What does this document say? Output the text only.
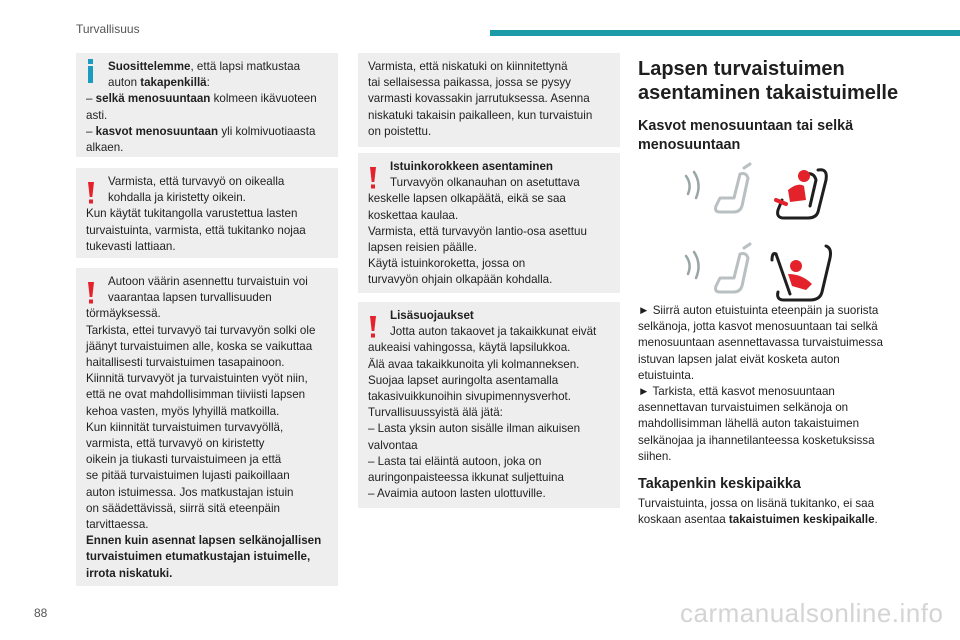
Turvallisuus

Suosittelemme, että lapsi matkustaa

auton takapenkillä:

– selkä menosuuntaan kolmeen ikävuoteen

asti.

– kasvot menosuuntaan yli kolmivuotiaasta

alkaen.

Varmista, että turvavyö on oikealla

kohdalla ja kiristetty oikein.

Kun käytät tukitangolla varustettua lasten

turvaistuinta, varmista, että tukitanko nojaa

tukevasti lattiaan.

Autoon väärin asennettu turvaistuin voi

vaarantaa lapsen turvallisuuden

törmäyksessä.

Tarkista, ettei turvavyö tai turvavyön solki ole

jäänyt turvaistuimen alle, koska se vaikuttaa

haitallisesti turvaistuimen tasapainoon.

Kiinnitä turvavyöt ja turvaistuinten vyöt niin,

että ne ovat mahdollisimman tiiviisti lapsen

kehoa vasten, myös lyhyillä matkoilla.

Kun kiinnität turvaistuimen turvavyöllä,

varmista, että turvavyö on kiristetty

oikein ja tiukasti turvaistuimeen ja että

se pitää turvaistuimen lujasti paikoillaan

auton istuimessa. Jos matkustajan istuin

on säädettävissä, siirrä sitä eteenpäin

tarvittaessa.

Ennen kuin asennat lapsen selkänojallisen

turvaistuimen etumatkustajan istuimelle,

irrota niskatuki.

Varmista, että niskatuki on kiinnitettynä

tai sellaisessa paikassa, jossa se pysyy

varmasti kovassakin jarrutuksessa. Asenna

niskatuki takaisin paikalleen, kun turvaistuin

on poistettu.

Istuinkorokkeen asentaminen

Turvavyön olkanauhan on asetuttava

keskelle lapsen olkapäätä, eikä se saa

koskettaa kaulaa.

Varmista, että turvavyön lantio-osa asettuu

lapsen reisien päälle.

Käytä istuinkoroketta, jossa on

turvavyön ohjain olkapään kohdalla.

Lisäsuojaukset

Jotta auton takaovet ja takaikkunat eivät

aukeaisi vahingossa, käytä lapsilukkoa.

Älä avaa takaikkunoita yli kolmanneksen.

Suojaa lapset auringolta asentamalla

takasivuikkunoihin sivupimennysverhot.

Turvallisuussyistä älä jätä:

– Lasta yksin auton sisälle ilman aikuisen

valvontaa

– Lasta tai eläintä autoon, joka on

auringonpaisteessa ikkunat suljettuina

– Avaimia autoon lasten ulottuville.

Lapsen turvaistuimen
asentaminen takaistuimelle
Kasvot menosuuntaan tai selkä
menosuuntaan

► Siirrä auton etuistuinta eteenpäin ja suorista

selkänoja, jotta kasvot menosuuntaan tai selkä

menosuuntaan asennettavassa turvaistuimessa

istuvan lapsen jalat eivät kosketa auton

etuistuinta.

► Tarkista, että kasvot menosuuntaan

asennettavan turvaistuimen selkänoja on

mahdollisimman lähellä auton takaistuimen

selkänojaa ja ihannetilanteessa kosketuksissa

siihen.

Takapenkin keskipaikka

Turvaistuinta, jossa on lisänä tukitanko, ei saa

koskaan asentaa takaistuimen keskipaikalle.

88	carmanualsonline.info
